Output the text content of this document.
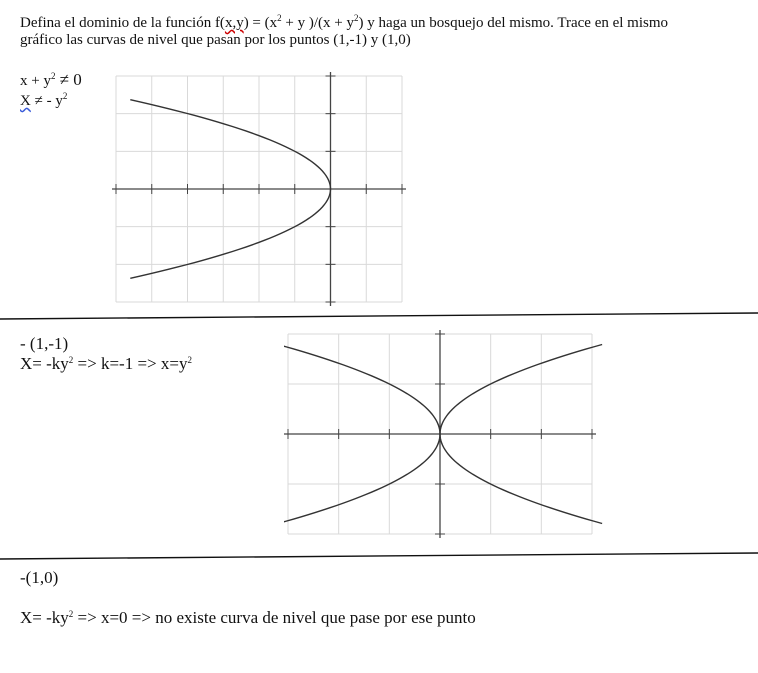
Defina el dominio de la función $f(x,y) = (x^2 + y$ )$/(x + y^2)$ y haga un bosquejo del mismo. Trace en el mismo
gráfico las curvas de nivel que pasan por los puntos (1,-1) y (1,0)
$x + y^2 \ne 0$
X ≠ - $y^2$
- (1,-1)
$X= -ky^2 => k=-1 => x=y^2$
-(1,0)
$X= -ky^2 => x=0$ => no existe curva de nivel que pase por ese punto
